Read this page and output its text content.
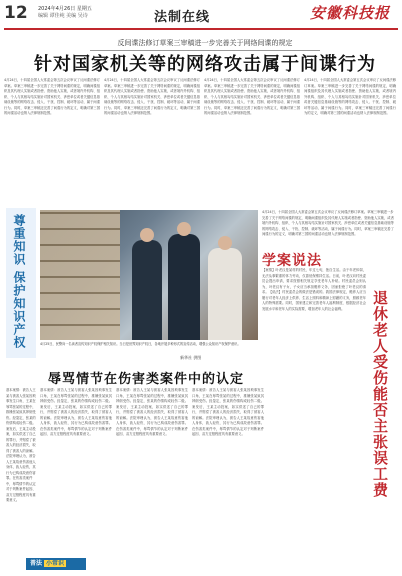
12 2024年4月26日 星期五
编辑 谭佳纯 美编 吴诗	法制在线	安徽科技报
反间谍法修订草案三审稿进一步完善关于网络间谍的规定
针对国家机关等的网络攻击属于间谍行为
4月24日，十四届全国人大常委会第五次会议审议了反间谍法修订草案。草案三审稿进一步完善了关于网络间谍的规定，明确间谍组织及其代理人实施或者指使、资助他人实施，或者境内外机构、组织、个人与其相勾结实施针对国家机关、涉密单位或者关键信息基础设施等的网络攻击、侵入、干扰、控制、破坏等活动，属于间谍行为。同时，草案三审稿还完善了间谍行为的定义，明确对第三国的间谍活动也纳入法律规制范围。
4月24日，十四届全国人大常委会第五次会议审议了反间谍法修订草案。草案三审稿进一步完善了关于网络间谍的规定，明确间谍组织及其代理人实施或者指使、资助他人实施，或者境内外机构、组织、个人与其相勾结实施针对国家机关、涉密单位或者关键信息基础设施等的网络攻击、侵入、干扰、控制、破坏等活动，属于间谍行为。同时，草案三审稿还完善了间谍行为的定义，明确对第三国的间谍活动也纳入法律规制范围。
4月24日，十四届全国人大常委会第五次会议审议了反间谍法修订草案。草案三审稿进一步完善了关于网络间谍的规定，明确间谍组织及其代理人实施或者指使、资助他人实施，或者境内外机构、组织、个人与其相勾结实施针对国家机关、涉密单位或者关键信息基础设施等的网络攻击、侵入、干扰、控制、破坏等活动，属于间谍行为。同时，草案三审稿还完善了间谍行为的定义，明确对第三国的间谍活动也纳入法律规制范围。
4月24日，十四届全国人大常委会第五次会议审议了反间谍法修订草案。草案三审稿进一步完善了关于网络间谍的规定，明确间谍组织及其代理人实施或者指使、资助他人实施，或者境内外机构、组织、个人与其相勾结实施针对国家机关、涉密单位或者关键信息基础设施等的网络攻击、侵入、干扰、控制、破坏等活动，属于间谍行为。同时，草案三审稿还完善了间谍行为的定义，明确对第三国的间谍活动也纳入法律规制范围。
尊重知识 保护知识产权	4月25日，民警向一名读者宣传知识产权保护相关知识。当日是世界知识产权日，各地开展多种形式的宣传活动，增强公众知识产权保护意识。
新华社 供图
4月24日，十四届全国人大常委会第五次会议审议了反间谍法修订草案。草案三审稿进一步完善了关于网络间谍的规定，明确间谍组织及其代理人实施或者指使、资助他人实施，或者境内外机构、组织、个人与其相勾结实施针对国家机关、涉密单位或者关键信息基础设施等的网络攻击、侵入、干扰、控制、破坏等活动，属于间谍行为。同时，草案三审稿还完善了间谍行为的定义，明确对第三国的间谍活动也纳入法律规制范围。
学案说法
【案情】叶老汉是某村的村民，年过七旬，独自生活。由于年老体弱，无法从事繁重的体力劳动，仅靠低保维持生活。日前，叶老汉向村民委员会提出申请，要求按照相关规定享受老年人补贴。村民委员会则认为，叶老汉有子女，子女应当承担赡养义务，因而拒绝了叶老汉的请求。【说法】村民委员会的做法是错误的。我国法律规定，赡养人应当履行对老年人经济上供养、生活上照料和精神上慰藉的义务，照顾老年人的特殊需要。同时，国家建立和完善老年人福利制度，根据经济社会发展水平和老年人的实际需要，增加老年人的社会福利。	退休老人受伤能否主张误工费
辱骂情节在伤害类案件中的认定
基本案情：被告人王某与被害人张某因琐事发生口角，王某在辱骂张某的过程中，推搡张某致其摔倒受伤。经鉴定，张某的伤情构成轻伤二级。案发后，王某主动投案，如实供述了自己的罪行，并赔偿了被害人的经济损失，取得了被害人的谅解。法院审理认为，被告人王某故意伤害他人身体，致人轻伤，其行为已构成故意伤害罪。在伤害类案件中，辱骂情节的认定对于判断案件起因、双方过错程度具有重要意义。
基本案情：被告人王某与被害人张某因琐事发生口角，王某在辱骂张某的过程中，推搡张某致其摔倒受伤。经鉴定，张某的伤情构成轻伤二级。案发后，王某主动投案，如实供述了自己的罪行，并赔偿了被害人的经济损失，取得了被害人的谅解。法院审理认为，被告人王某故意伤害他人身体，致人轻伤，其行为已构成故意伤害罪。在伤害类案件中，辱骂情节的认定对于判断案件起因、双方过错程度具有重要意义。
基本案情：被告人王某与被害人张某因琐事发生口角，王某在辱骂张某的过程中，推搡张某致其摔倒受伤。经鉴定，张某的伤情构成轻伤二级。案发后，王某主动投案，如实供述了自己的罪行，并赔偿了被害人的经济损失，取得了被害人的谅解。法院审理认为，被告人王某故意伤害他人身体，致人轻伤，其行为已构成故意伤害罪。在伤害类案件中，辱骂情节的认定对于判断案件起因、双方过错程度具有重要意义。
基本案情：被告人王某与被害人张某因琐事发生口角，王某在辱骂张某的过程中，推搡张某致其摔倒受伤。经鉴定，张某的伤情构成轻伤二级。案发后，王某主动投案，如实供述了自己的罪行，并赔偿了被害人的经济损失，取得了被害人的谅解。法院审理认为，被告人王某故意伤害他人身体，致人轻伤，其行为已构成故意伤害罪。在伤害类案件中，辱骂情节的认定对于判断案件起因、双方过错程度具有重要意义。
普法 小常识
